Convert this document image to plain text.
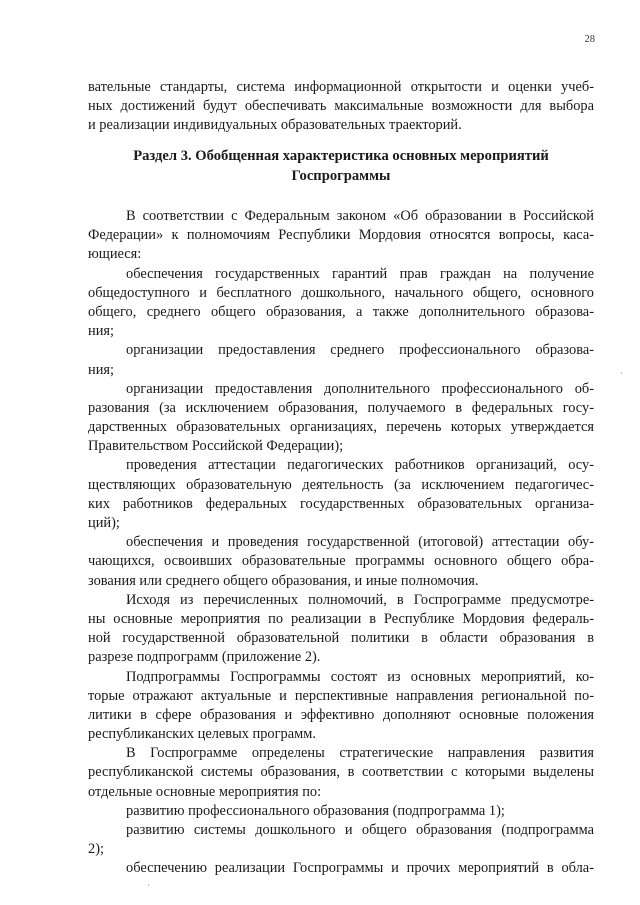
28
вательные стандарты, система информационной открытости и оценки учеб-
ных достижений будут обеспечивать максимальные возможности для выбора
и реализации индивидуальных образовательных траекторий.
Раздел 3. Обобщенная характеристика основных мероприятий
Госпрограммы
В соответствии с Федеральным законом «Об образовании в Российской
Федерации» к полномочиям Республики Мордовия относятся вопросы, каса-
ющиеся:
обеспечения государственных гарантий прав граждан на получение
общедоступного и бесплатного дошкольного, начального общего, основного
общего, среднего общего образования, а также дополнительного образова-
ния;
организации предоставления среднего профессионального образова-
ния;
организации предоставления дополнительного профессионального об-
разования (за исключением образования, получаемого в федеральных госу-
дарственных образовательных организациях, перечень которых утверждается
Правительством Российской Федерации);
проведения аттестации педагогических работников организаций, осу-
ществляющих образовательную деятельность (за исключением педагогичес-
ких работников федеральных государственных образовательных организа-
ций);
обеспечения и проведения государственной (итоговой) аттестации обу-
чающихся, освоивших образовательные программы основного общего обра-
зования или среднего общего образования, и иные полномочия.
Исходя из перечисленных полномочий, в Госпрограмме предусмотре-
ны основные мероприятия по реализации в Республике Мордовия федераль-
ной государственной образовательной политики в области образования в
разрезе подпрограмм (приложение 2).
Подпрограммы Госпрограммы состоят из основных мероприятий, ко-
торые отражают актуальные и перспективные направления региональной по-
литики в сфере образования и эффективно дополняют основные положения
республиканских целевых программ.
В Госпрограмме определены стратегические направления развития
республиканской системы образования, в соответствии с которыми выделены
отдельные основные мероприятия по:
развитию профессионального образования (подпрограмма 1);
развитию системы дошкольного и общего образования (подпрограмма
2);
обеспечению реализации Госпрограммы и прочих мероприятий в обла-
